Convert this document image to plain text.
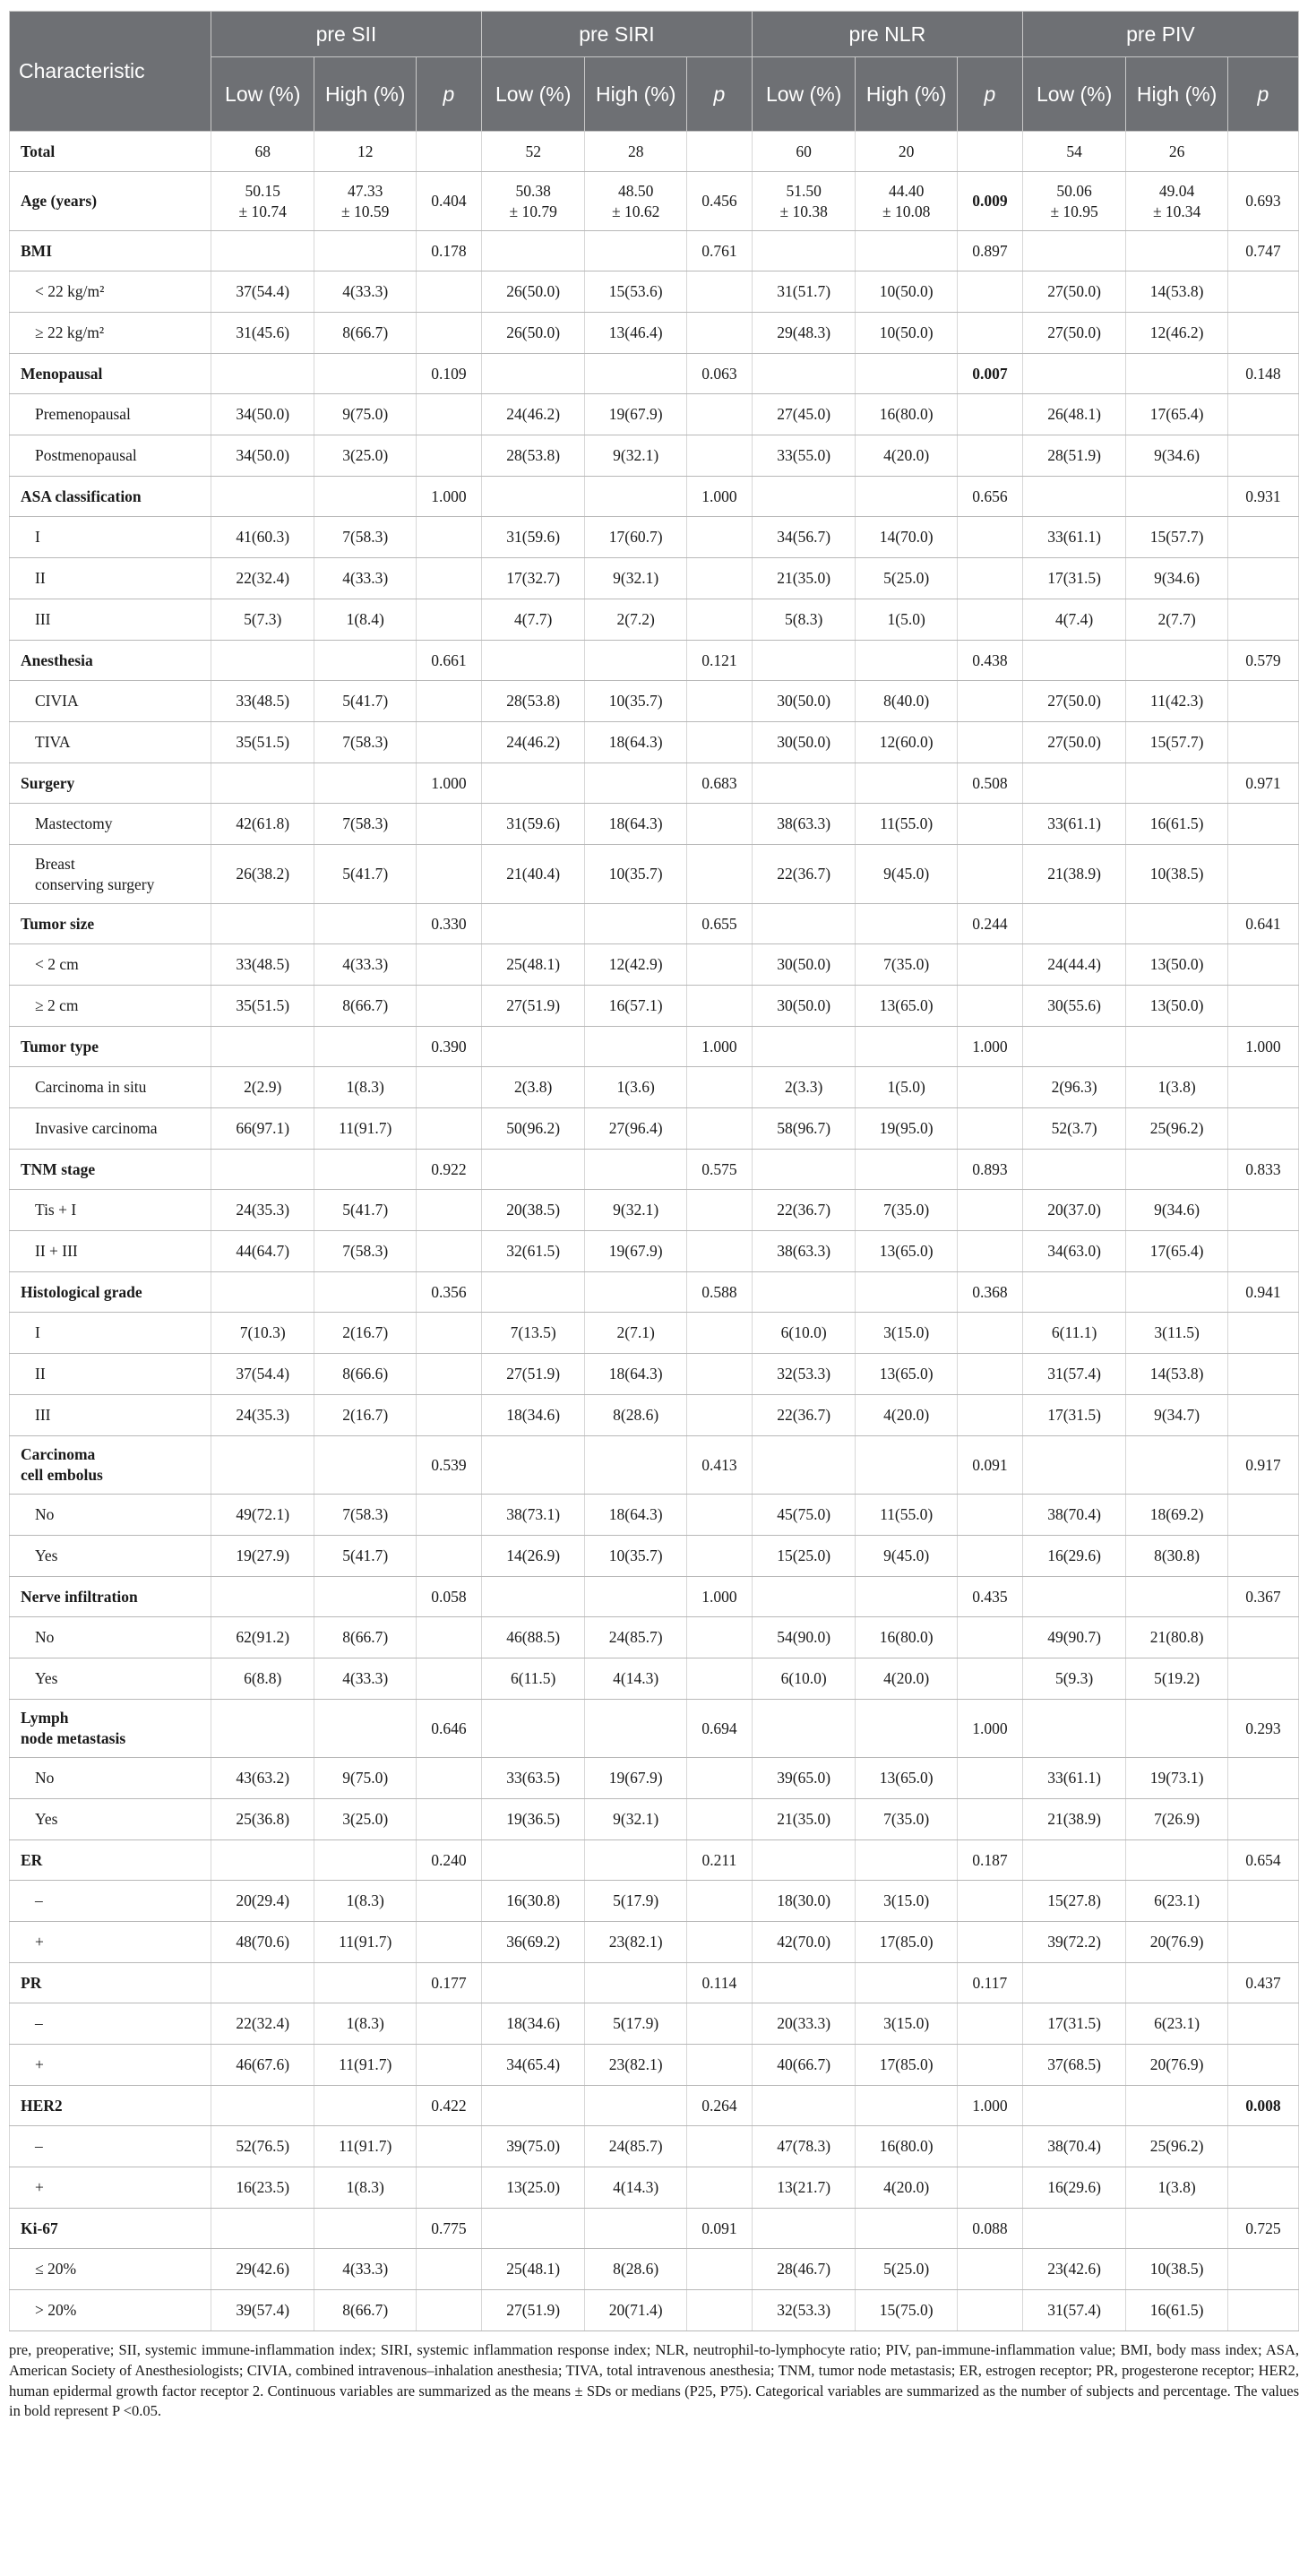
Characteristic	pre SII			pre SIRI			pre NLR			pre PIV		
	Low (%)	High (%)	p	Low (%)	High (%)	p	Low (%)	High (%)	p	Low (%)	High (%)	p
Total	68	12		52	28		60	20		54	26	
Age (years)	50.15
± 10.74	47.33
± 10.59	0.404	50.38
± 10.79	48.50
± 10.62	0.456	51.50
± 10.38	44.40
± 10.08	0.009	50.06
± 10.95	49.04
± 10.34	0.693
BMI			0.178			0.761			0.897			0.747
< 22 kg/m²	37(54.4)	4(33.3)		26(50.0)	15(53.6)		31(51.7)	10(50.0)		27(50.0)	14(53.8)	
≥ 22 kg/m²	31(45.6)	8(66.7)		26(50.0)	13(46.4)		29(48.3)	10(50.0)		27(50.0)	12(46.2)	
Menopausal			0.109			0.063			0.007			0.148
Premenopausal	34(50.0)	9(75.0)		24(46.2)	19(67.9)		27(45.0)	16(80.0)		26(48.1)	17(65.4)	
Postmenopausal	34(50.0)	3(25.0)		28(53.8)	9(32.1)		33(55.0)	4(20.0)		28(51.9)	9(34.6)	
ASA classification			1.000			1.000			0.656			0.931
I	41(60.3)	7(58.3)		31(59.6)	17(60.7)		34(56.7)	14(70.0)		33(61.1)	15(57.7)	
II	22(32.4)	4(33.3)		17(32.7)	9(32.1)		21(35.0)	5(25.0)		17(31.5)	9(34.6)	
III	5(7.3)	1(8.4)		4(7.7)	2(7.2)		5(8.3)	1(5.0)		4(7.4)	2(7.7)	
Anesthesia			0.661			0.121			0.438			0.579
CIVIA	33(48.5)	5(41.7)		28(53.8)	10(35.7)		30(50.0)	8(40.0)		27(50.0)	11(42.3)	
TIVA	35(51.5)	7(58.3)		24(46.2)	18(64.3)		30(50.0)	12(60.0)		27(50.0)	15(57.7)	
Surgery			1.000			0.683			0.508			0.971
Mastectomy	42(61.8)	7(58.3)		31(59.6)	18(64.3)		38(63.3)	11(55.0)		33(61.1)	16(61.5)	
Breast
conserving surgery	26(38.2)	5(41.7)		21(40.4)	10(35.7)		22(36.7)	9(45.0)		21(38.9)	10(38.5)	
Tumor size			0.330			0.655			0.244			0.641
< 2 cm	33(48.5)	4(33.3)		25(48.1)	12(42.9)		30(50.0)	7(35.0)		24(44.4)	13(50.0)	
≥ 2 cm	35(51.5)	8(66.7)		27(51.9)	16(57.1)		30(50.0)	13(65.0)		30(55.6)	13(50.0)	
Tumor type			0.390			1.000			1.000			1.000
Carcinoma in situ	2(2.9)	1(8.3)		2(3.8)	1(3.6)		2(3.3)	1(5.0)		2(96.3)	1(3.8)	
Invasive carcinoma	66(97.1)	11(91.7)		50(96.2)	27(96.4)		58(96.7)	19(95.0)		52(3.7)	25(96.2)	
TNM stage			0.922			0.575			0.893			0.833
Tis + I	24(35.3)	5(41.7)		20(38.5)	9(32.1)		22(36.7)	7(35.0)		20(37.0)	9(34.6)	
II + III	44(64.7)	7(58.3)		32(61.5)	19(67.9)		38(63.3)	13(65.0)		34(63.0)	17(65.4)	
Histological grade			0.356			0.588			0.368			0.941
I	7(10.3)	2(16.7)		7(13.5)	2(7.1)		6(10.0)	3(15.0)		6(11.1)	3(11.5)	
II	37(54.4)	8(66.6)		27(51.9)	18(64.3)		32(53.3)	13(65.0)		31(57.4)	14(53.8)	
III	24(35.3)	2(16.7)		18(34.6)	8(28.6)		22(36.7)	4(20.0)		17(31.5)	9(34.7)	
Carcinoma
cell embolus			0.539			0.413			0.091			0.917
No	49(72.1)	7(58.3)		38(73.1)	18(64.3)		45(75.0)	11(55.0)		38(70.4)	18(69.2)	
Yes	19(27.9)	5(41.7)		14(26.9)	10(35.7)		15(25.0)	9(45.0)		16(29.6)	8(30.8)	
Nerve infiltration			0.058			1.000			0.435			0.367
No	62(91.2)	8(66.7)		46(88.5)	24(85.7)		54(90.0)	16(80.0)		49(90.7)	21(80.8)	
Yes	6(8.8)	4(33.3)		6(11.5)	4(14.3)		6(10.0)	4(20.0)		5(9.3)	5(19.2)	
Lymph
node metastasis			0.646			0.694			1.000			0.293
No	43(63.2)	9(75.0)		33(63.5)	19(67.9)		39(65.0)	13(65.0)		33(61.1)	19(73.1)	
Yes	25(36.8)	3(25.0)		19(36.5)	9(32.1)		21(35.0)	7(35.0)		21(38.9)	7(26.9)	
ER			0.240			0.211			0.187			0.654
–	20(29.4)	1(8.3)		16(30.8)	5(17.9)		18(30.0)	3(15.0)		15(27.8)	6(23.1)	
+	48(70.6)	11(91.7)		36(69.2)	23(82.1)		42(70.0)	17(85.0)		39(72.2)	20(76.9)	
PR			0.177			0.114			0.117			0.437
–	22(32.4)	1(8.3)		18(34.6)	5(17.9)		20(33.3)	3(15.0)		17(31.5)	6(23.1)	
+	46(67.6)	11(91.7)		34(65.4)	23(82.1)		40(66.7)	17(85.0)		37(68.5)	20(76.9)	
HER2			0.422			0.264			1.000			0.008
–	52(76.5)	11(91.7)		39(75.0)	24(85.7)		47(78.3)	16(80.0)		38(70.4)	25(96.2)	
+	16(23.5)	1(8.3)		13(25.0)	4(14.3)		13(21.7)	4(20.0)		16(29.6)	1(3.8)	
Ki-67			0.775			0.091			0.088			0.725
≤ 20%	29(42.6)	4(33.3)		25(48.1)	8(28.6)		28(46.7)	5(25.0)		23(42.6)	10(38.5)	
> 20%	39(57.4)	8(66.7)		27(51.9)	20(71.4)		32(53.3)	15(75.0)		31(57.4)	16(61.5)	
pre, preoperative; SII, systemic immune-inflammation index; SIRI, systemic inflammation response index; NLR, neutrophil-to-lymphocyte ratio; PIV, pan-immune-inflammation value; BMI, body mass index; ASA, American Society of Anesthesiologists; CIVIA, combined intravenous–inhalation anesthesia; TIVA, total intravenous anesthesia; TNM, tumor node metastasis; ER, estrogen receptor; PR, progesterone receptor; HER2, human epidermal growth factor receptor 2. Continuous variables are summarized as the means ± SDs or medians (P25, P75). Categorical variables are summarized as the number of subjects and percentage. The values in bold represent P <0.05.
